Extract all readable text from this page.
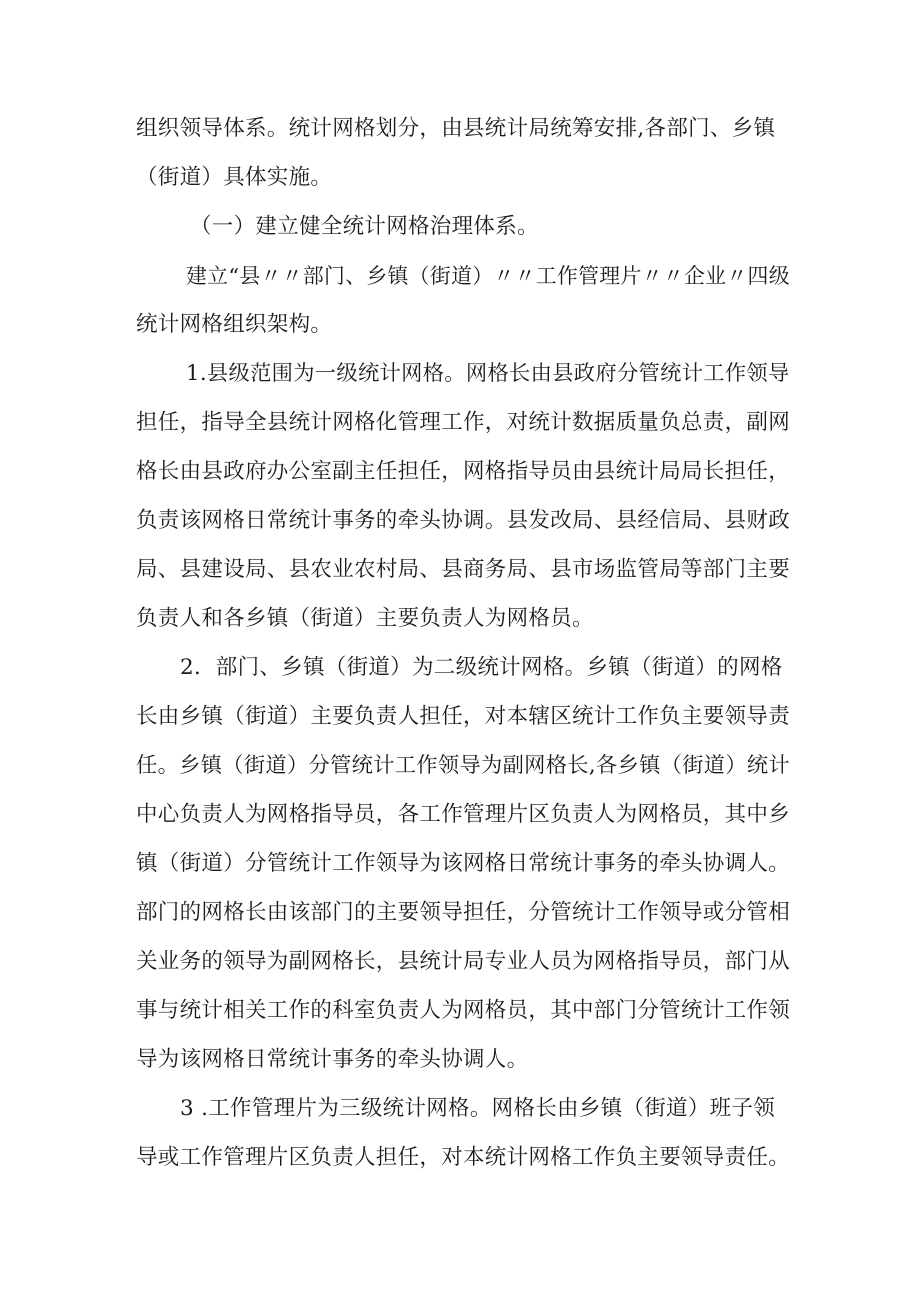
组织领导体系。统计网格划分，由县统计局统筹安排,各部门、乡镇
（街道）具体实施。
（一）建立健全统计网格治理体系。
建立“县〃〃部门、乡镇（街道）〃〃工作管理片〃〃企业〃四级
统计网格组织架构。
1.县级范围为一级统计网格。网格长由县政府分管统计工作领导
担任，指导全县统计网格化管理工作，对统计数据质量负总责，副网
格长由县政府办公室副主任担任，网格指导员由县统计局局长担任，
负责该网格日常统计事务的牵头协调。县发改局、县经信局、县财政
局、县建设局、县农业农村局、县商务局、县市场监管局等部门主要
负责人和各乡镇（街道）主要负责人为网格员。
2．部门、乡镇（街道）为二级统计网格。乡镇（街道）的网格
长由乡镇（街道）主要负责人担任，对本辖区统计工作负主要领导责
任。乡镇（街道）分管统计工作领导为副网格长,各乡镇（街道）统计
中心负责人为网格指导员，各工作管理片区负责人为网格员，其中乡
镇（街道）分管统计工作领导为该网格日常统计事务的牵头协调人。
部门的网格长由该部门的主要领导担任，分管统计工作领导或分管相
关业务的领导为副网格长，县统计局专业人员为网格指导员，部门从
事与统计相关工作的科室负责人为网格员，其中部门分管统计工作领
导为该网格日常统计事务的牵头协调人。
3 .工作管理片为三级统计网格。网格长由乡镇（街道）班子领
导或工作管理片区负责人担任，对本统计网格工作负主要领导责任。
